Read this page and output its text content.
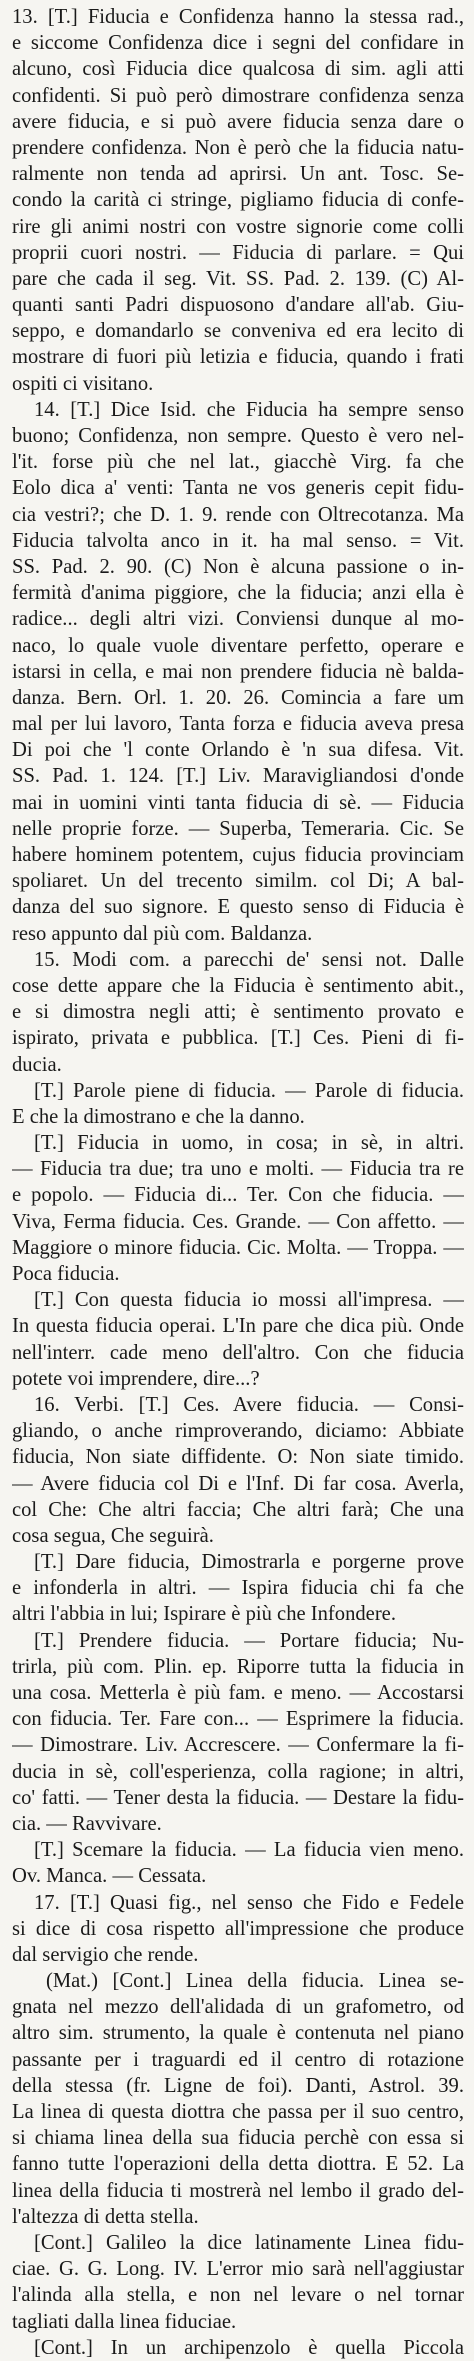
13. [T.] Fiducia e Confidenza hanno la stessa rad.,
e siccome Confidenza dice i segni del confidare in
alcuno, così Fiducia dice qualcosa di sim. agli atti
confidenti. Si può però dimostrare confidenza senza
avere fiducia, e si può avere fiducia senza dare o
prendere confidenza. Non è però che la fiducia natu-
ralmente non tenda ad aprirsi. Un ant. Tosc. Se-
condo la carità ci stringe, pigliamo fiducia di confe-
rire gli animi nostri con vostre signorie come colli
proprii cuori nostri. — Fiducia di parlare. = Qui
pare che cada il seg. Vit. SS. Pad. 2. 139. (C) Al-
quanti santi Padri dispuosono d'andare all'ab. Giu-
seppo, e domandarlo se conveniva ed era lecito di
mostrare di fuori più letizia e fiducia, quando i frati
ospiti ci visitano.
14. [T.] Dice Isid. che Fiducia ha sempre senso
buono; Confidenza, non sempre. Questo è vero nel-
l'it. forse più che nel lat., giacchè Virg. fa che
Eolo dica a' venti: Tanta ne vos generis cepit fidu-
cia vestri?; che D. 1. 9. rende con Oltrecotanza. Ma
Fiducia talvolta anco in it. ha mal senso. = Vit.
SS. Pad. 2. 90. (C) Non è alcuna passione o in-
fermità d'anima piggiore, che la fiducia; anzi ella è
radice... degli altri vizi. Conviensi dunque al mo-
naco, lo quale vuole diventare perfetto, operare e
istarsi in cella, e mai non prendere fiducia nè balda-
danza. Bern. Orl. 1. 20. 26. Comincia a fare um
mal per lui lavoro, Tanta forza e fiducia aveva presa
Di poi che 'l conte Orlando è 'n sua difesa. Vit.
SS. Pad. 1. 124. [T.] Liv. Maravigliandosi d'onde
mai in uomini vinti tanta fiducia di sè. — Fiducia
nelle proprie forze. — Superba, Temeraria. Cic. Se
habere hominem potentem, cujus fiducia provinciam
spoliaret. Un del trecento similm. col Di; A bal-
danza del suo signore. E questo senso di Fiducia è
reso appunto dal più com. Baldanza.
15. Modi com. a parecchi de' sensi not. Dalle
cose dette appare che la Fiducia è sentimento abit.,
e si dimostra negli atti; è sentimento provato e
ispirato, privata e pubblica. [T.] Ces. Pieni di fi-
ducia.
[T.] Parole piene di fiducia. — Parole di fiducia.
E che la dimostrano e che la danno.
[T.] Fiducia in uomo, in cosa; in sè, in altri.
— Fiducia tra due; tra uno e molti. — Fiducia tra re
e popolo. — Fiducia di... Ter. Con che fiducia. —
Viva, Ferma fiducia. Ces. Grande. — Con affetto. —
Maggiore o minore fiducia. Cic. Molta. — Troppa. —
Poca fiducia.
[T.] Con questa fiducia io mossi all'impresa. —
In questa fiducia operai. L'In pare che dica più. Onde
nell'interr. cade meno dell'altro. Con che fiducia
potete voi imprendere, dire...?
16. Verbi. [T.] Ces. Avere fiducia. — Consi-
gliando, o anche rimproverando, diciamo: Abbiate
fiducia, Non siate diffidente. O: Non siate timido.
— Avere fiducia col Di e l'Inf. Di far cosa. Averla,
col Che: Che altri faccia; Che altri farà; Che una
cosa segua, Che seguirà.
[T.] Dare fiducia, Dimostrarla e porgerne prove
e infonderla in altri. — Ispira fiducia chi fa che
altri l'abbia in lui; Ispirare è più che Infondere.
[T.] Prendere fiducia. — Portare fiducia; Nu-
trirla, più com. Plin. ep. Riporre tutta la fiducia in
una cosa. Metterla è più fam. e meno. — Accostarsi
con fiducia. Ter. Fare con... — Esprimere la fiducia.
— Dimostrare. Liv. Accrescere. — Confermare la fi-
ducia in sè, coll'esperienza, colla ragione; in altri,
co' fatti. — Tener desta la fiducia. — Destare la fidu-
cia. — Ravvivare.
[T.] Scemare la fiducia. — La fiducia vien meno.
Ov. Manca. — Cessata.
17. [T.] Quasi fig., nel senso che Fido e Fedele
si dice di cosa rispetto all'impressione che produce
dal servigio che rende.
(Mat.) [Cont.] Linea della fiducia. Linea se-
gnata nel mezzo dell'alidada di un grafometro, od
altro sim. strumento, la quale è contenuta nel piano
passante per i traguardi ed il centro di rotazione
della stessa (fr. Ligne de foi). Danti, Astrol. 39.
La linea di questa diottra che passa per il suo centro,
si chiama linea della sua fiducia perchè con essa si
fanno tutte l'operazioni della detta diottra. E 52. La
linea della fiducia ti mostrerà nel lembo il grado del-
l'altezza di detta stella.
[Cont.] Galileo la dice latinamente Linea fidu-
ciae. G. G. Long. IV. L'error mio sarà nell'aggiustar
l'alinda alla stella, e non nel levare o nel tornar
tagliati dalla linea fiduciae.
[Cont.] In un archipenzolo è quella Piccola
